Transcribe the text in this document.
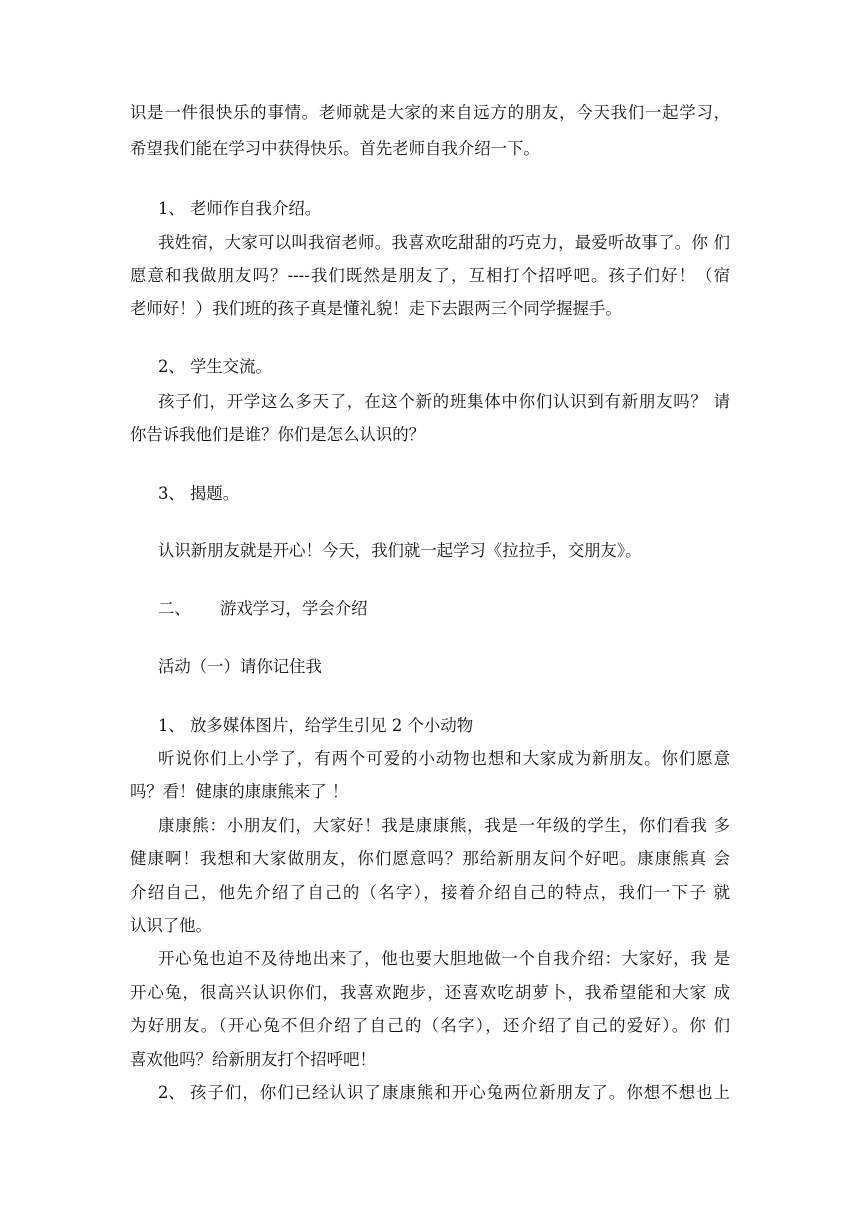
识是一件很快乐的事情。老师就是大家的来自远方的朋友，今天我们一起学习，
希望我们能在学习中获得快乐。首先老师自我介绍一下。
1、 老师作自我介绍。
我姓宿，大家可以叫我宿老师。我喜欢吃甜甜的巧克力，最爱听故事了。你 们
愿意和我做朋友吗？----我们既然是朋友了，互相打个招呼吧。孩子们好！（宿
老师好！）我们班的孩子真是懂礼貌！走下去跟两三个同学握握手。
2、 学生交流。
孩子们，开学这么多天了，在这个新的班集体中你们认识到有新朋友吗？ 请
你告诉我他们是谁？你们是怎么认识的？
3、 揭题。
认识新朋友就是开心！今天，我们就一起学习《拉拉手，交朋友》。
二、 游戏学习，学会介绍
活动（一）请你记住我
1、 放多媒体图片，给学生引见 2 个小动物
听说你们上小学了，有两个可爱的小动物也想和大家成为新朋友。你们愿意
吗？看！健康的康康熊来了 ！
康康熊：小朋友们，大家好！我是康康熊，我是一年级的学生，你们看我 多
健康啊！我想和大家做朋友，你们愿意吗？那给新朋友问个好吧。康康熊真 会
介绍自己，他先介绍了自己的（名字），接着介绍自己的特点，我们一下子 就
认识了他。
开心兔也迫不及待地出来了，他也要大胆地做一个自我介绍：大家好，我 是
开心兔，很高兴认识你们，我喜欢跑步，还喜欢吃胡萝卜，我希望能和大家 成
为好朋友。（开心兔不但介绍了自己的（名字），还介绍了自己的爱好）。你 们
喜欢他吗？给新朋友打个招呼吧！
2、 孩子们，你们已经认识了康康熊和开心兔两位新朋友了。你想不想也上
